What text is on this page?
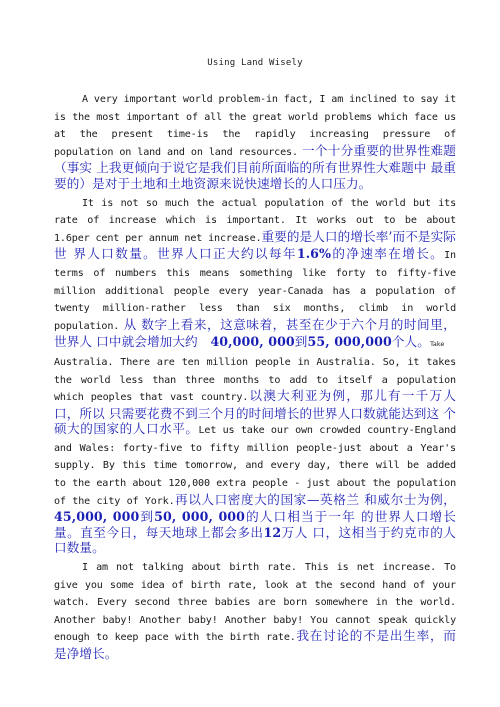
Using Land Wisely

A very important world problem-in fact, I am inclined to say it is the most important of all the great world problems which face us at the present time-is the rapidly increasing pressure of population on land and on land resources. 一个十分重要的世界性难题（事实 上我更倾向于说它是我们目前所面临的所有世界性大难题中 最重要的）是对于土地和土地资源来说快速增长的人口压力。

It is not so much the actual population of the world but its rate of increase which is important. It works out to be about 1.6per cent per annum net increase.重要的是人口的增长率’而不是实际世 界人口数量。世界人口正大约以每年1.6%的净速率在增长。In terms of numbers this means something like forty to fifty-five million additional people every year-Canada has a population of twenty million-rather less than six months, climb in world population. 从 数字上看来，这意味着，甚至在少于六个月的时间里，世界人 口中就会增加大约　40,000, 000到55, 000,000个人。Take
Australia. There are ten million people in Australia. So, it takes the world less than three months to add to itself a population which peoples that vast country.以澳大利亚为例，那儿有一千万人口，所以 只需要花费不到三个月的时间增长的世界人口数就能达到这 个硕大的国家的人口水平。Let us take our own crowded country-England and Wales: forty-five to fifty million people-just about a Year's supply. By this time tomorrow, and every day, there will be added to the earth about 120,000 extra people - just about the population of the city of York.再以人口密度大的国家—英格兰 和威尔士为例，45,000, 000到50, 000, 000的人口相当于一年 的世界人口增长量。直至今日，每天地球上都会多出12万人 口，这相当于约克市的人口数量。

I am not talking about birth rate. This is net increase. To give you some idea of birth rate, look at the second hand of your watch. Every second three babies are born somewhere in the world. Another baby! Another baby! Another baby! You cannot speak quickly enough to keep pace with the birth rate.我在讨论的不是出生率，而是净增长。
